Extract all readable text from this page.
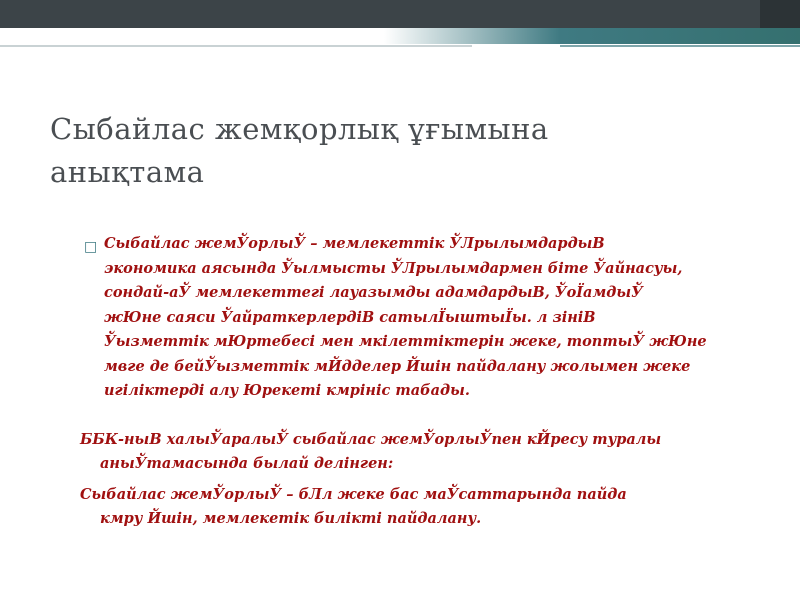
Сыбайлас жемқорлық ұғымына
анықтама
□ Сыбайлас жемЎорлыЎ – мемлекеттік ЎЛрылымдардыВ
экономика аясында Ўылмысты ЎЛрылымдармен біте Ўайнасуы,
сондай-аЎ мемлекеттегі лауазымды адамдардыВ, ЎоЇамдыЎ
жЮне саяси ЎайраткерлердіВ сатылЇыштыЇы. л зініВ
Ўызметтік мЮртебесі мен мкілеттіктерін жеке, топтыЎ жЮне
мвге де бейЎызметтік мЙдделер Йшін пайдалану жолымен жеке
игіліктерді алу Юрекеті кмрініс табады.
ББК-ныВ халыЎаралыЎ сыбайлас жемЎорлыЎпен кЙресу туралы
аныЎтамасында былай делінген:
Сыбайлас жемЎорлыЎ – бЛл жеке бас маЎсаттарында пайда
кмру Йшін, мемлекетік билікті пайдалану.
